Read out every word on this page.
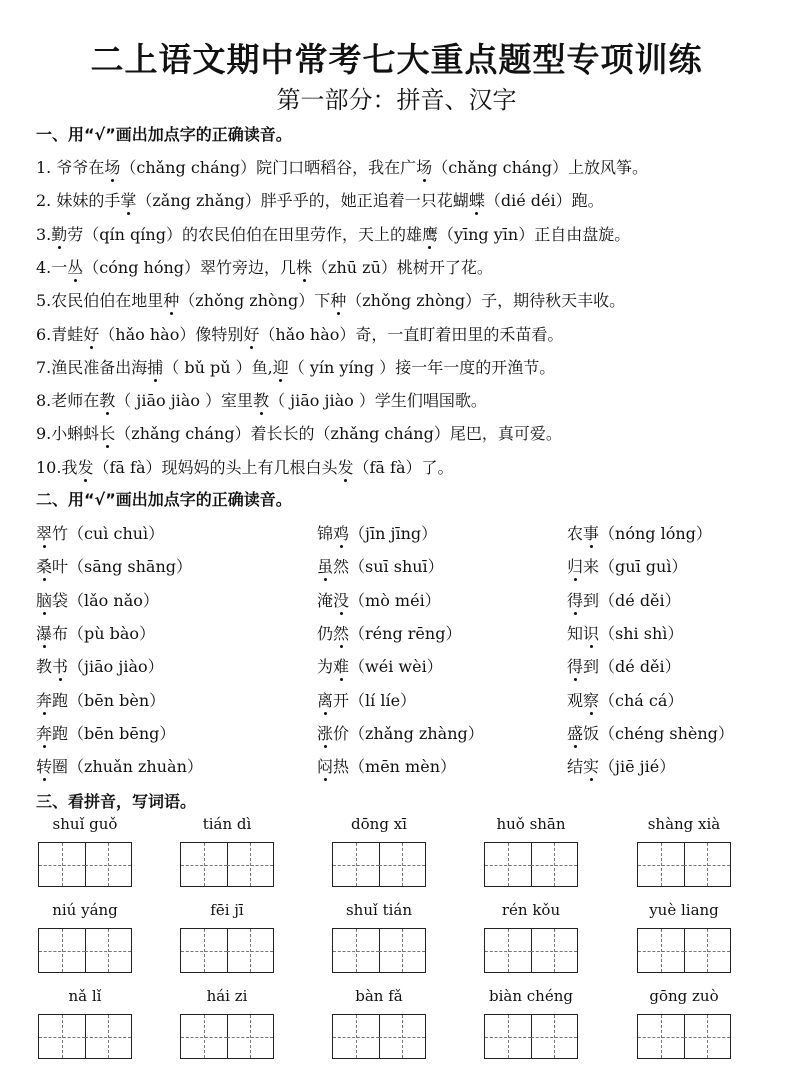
二上语文期中常考七大重点题型专项训练
第一部分：拼音、汉字
一、用“√”画出加点字的正确读音。
1. 爷爷在场（chǎng cháng）院门口晒稻谷，我在广场（chǎng cháng）上放风筝。
2. 妹妹的手掌（zǎng zhǎng）胖乎乎的，她正追着一只花蝴蝶（dié déi）跑。
3.勤劳（qín qíng）的农民伯伯在田里劳作，天上的雄鹰（yīng yīn）正自由盘旋。
4.一丛（cóng hóng）翠竹旁边，几株（zhū zū）桃树开了花。
5.农民伯伯在地里种（zhǒng zhòng）下种（zhǒng zhòng）子，期待秋天丰收。
6.青蛙好（hǎo hào）像特别好（hǎo hào）奇，一直盯着田里的禾苗看。
7.渔民准备出海捕（ bǔ pǔ ）鱼,迎（ yín yíng ）接一年一度的开渔节。
8.老师在教（ jiāo jiào ）室里教（ jiāo jiào ）学生们唱国歌。
9.小蝌蚪长（zhǎng cháng）着长长的（zhǎng cháng）尾巴，真可爱。
10.我发（fā fà）现妈妈的头上有几根白头发（fā fà）了。
二、用“√”画出加点字的正确读音。
翠竹（cuì chuì）	锦鸡（jīn jīng）	农事（nóng lóng）
桑叶（sāng shāng）	虽然（suī shuī）	归来（guī guì）
脑袋（lǎo nǎo）	淹没（mò méi）	得到（dé děi）
瀑布（pù bào）	仍然（réng rēng）	知识（shi shì）
教书（jiāo jiào）	为难（wéi wèi）	得到（dé děi）
奔跑（bēn bèn）	离开（lí líe）	观察（chá cá）
奔跑（bēn bēng）	涨价（zhǎng zhàng）	盛饭（chéng shèng）
转圈（zhuǎn zhuàn）	闷热（mēn mèn）	结实（jiē jié）
三、看拼音，写词语。
shuǐ guǒ	tián dì	dōng xī	huǒ shān	shàng xià
niú yáng	fēi jī	shuǐ tián	rén kǒu	yuè liang
nǎ lǐ	hái zi	bàn fǎ	biàn chéng	gōng zuò
